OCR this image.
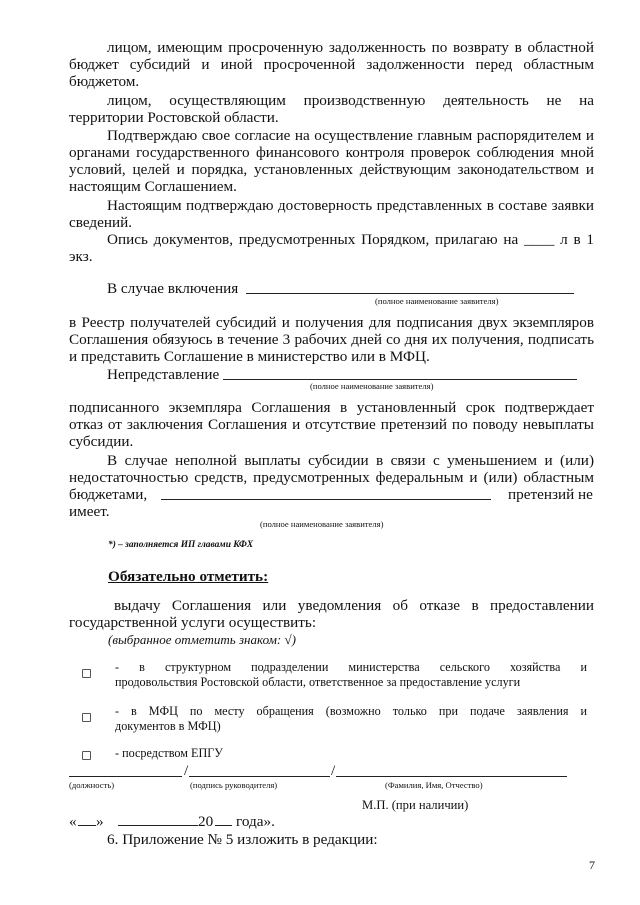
лицом, имеющим просроченную задолженность по возврату в областной

бюджет субсидий и иной просроченной задолженности перед областным

бюджетом.

лицом, осуществляющим производственную деятельность не на

территории Ростовской области.

Подтверждаю свое согласие на осуществление главным распорядителем и

органами государственного финансового контроля проверок соблюдения мной

условий, целей и порядка, установленных действующим законодательством и

настоящим Соглашением.

Настоящим подтверждаю достоверность представленных в составе заявки

сведений.

Опись документов, предусмотренных Порядком, прилагаю на ____ л в 1

экз.

В случае включения

(полное наименование заявителя)

в Реестр получателей субсидий и получения для подписания двух экземпляров

Соглашения обязуюсь в течение 3 рабочих дней со дня их получения, подписать

и представить Соглашение в министерство или в МФЦ.

Непредставление

(полное наименование заявителя)

подписанного экземпляра Соглашения в установленный срок подтверждает

отказ от заключения Соглашения и отсутствие претензий по поводу невыплаты

субсидии.

В случае неполной выплаты субсидии в связи с уменьшением и (или)

недостаточностью средств, предусмотренных федеральным и (или) областным

бюджетами,	претензий не

имеет.

(полное наименование заявителя)
*) – заполняется ИП главами КФХ

Обязательно отметить:

выдачу Соглашения или уведомления об отказе в предоставлении

государственной услуги осуществить:

(выбранное отметить знаком: √)

- в структурном подразделении министерства сельского хозяйства и
продовольствия Ростовской области, ответственное за предоставление услуги
- в МФЦ по месту обращения (возможно только при подаче заявления и
документов в МФЦ)
- посредством ЕПГУ
/	/
(должность)	(подпись руководителя)	(Фамилия, Имя, Отчество)

М.П. (при наличии)

« »	20 года».

6. Приложение № 5 изложить в редакции:

7
